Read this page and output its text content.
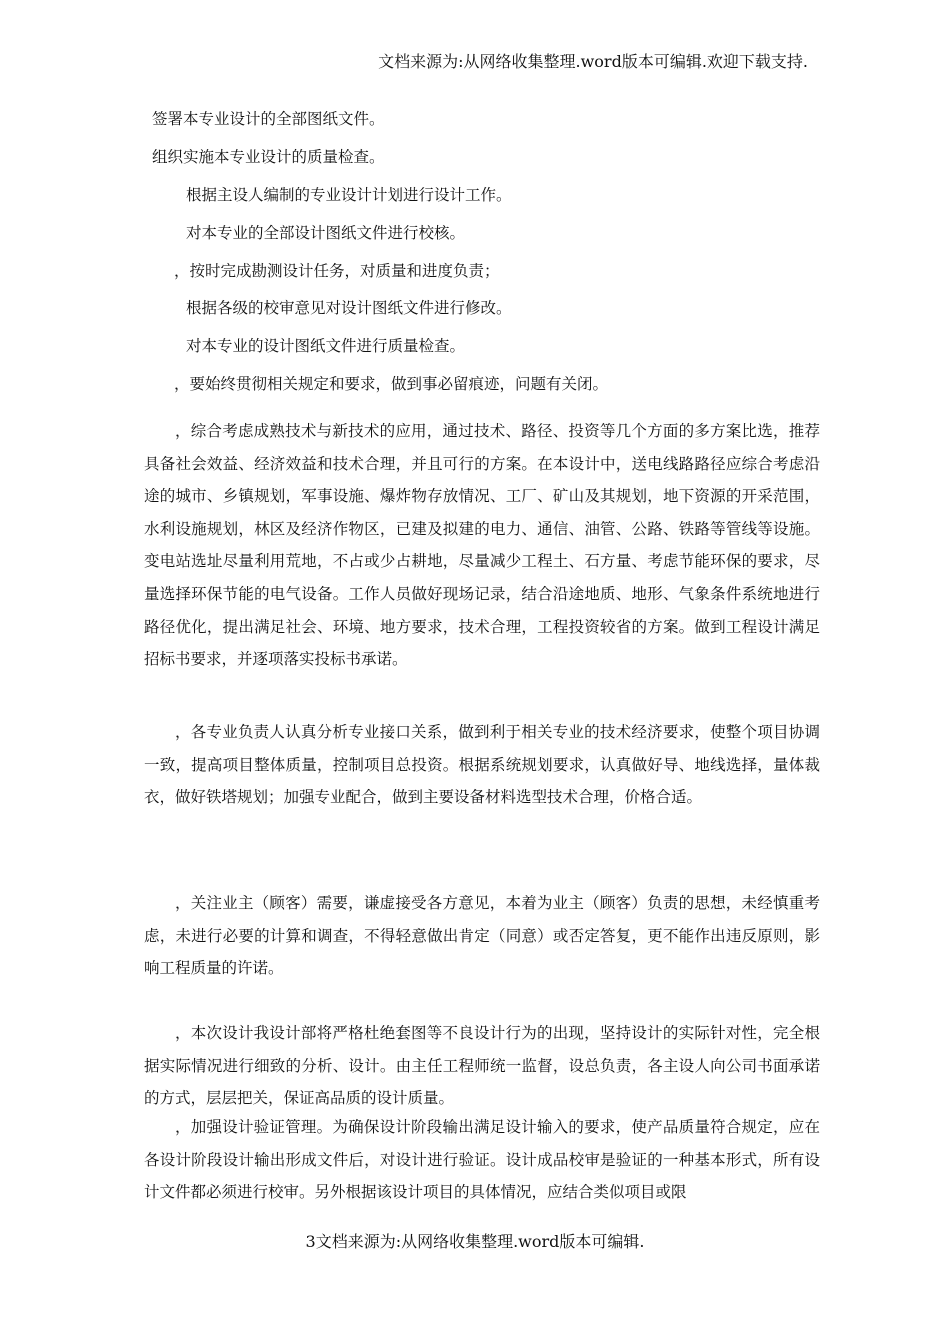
文档来源为:从网络收集整理.word版本可编辑.欢迎下载支持.
签署本专业设计的全部图纸文件。
组织实施本专业设计的质量检查。
根据主设人编制的专业设计计划进行设计工作。
对本专业的全部设计图纸文件进行校核。
，按时完成勘测设计任务，对质量和进度负责；
根据各级的校审意见对设计图纸文件进行修改。
对本专业的设计图纸文件进行质量检查。
，要始终贯彻相关规定和要求，做到事必留痕迹，问题有关闭。

，综合考虑成熟技术与新技术的应用，通过技术、路径、投资等几个方面的多方案比选，推荐具备社会效益、经济效益和技术合理，并且可行的方案。在本设计中，送电线路路径应综合考虑沿途的城市、乡镇规划，军事设施、爆炸物存放情况、工厂、矿山及其规划，地下资源的开采范围，水利设施规划，林区及经济作物区，已建及拟建的电力、通信、油管、公路、铁路等管线等设施。变电站选址尽量利用荒地，不占或少占耕地，尽量减少工程土、石方量、考虑节能环保的要求，尽量选择环保节能的电气设备。工作人员做好现场记录，结合沿途地质、地形、气象条件系统地进行路径优化，提出满足社会、环境、地方要求，技术合理，工程投资较省的方案。做到工程设计满足招标书要求，并逐项落实投标书承诺。

，各专业负责人认真分析专业接口关系，做到利于相关专业的技术经济要求，使整个项目协调一致，提高项目整体质量，控制项目总投资。根据系统规划要求，认真做好导、地线选择，量体裁衣，做好铁塔规划；加强专业配合，做到主要设备材料选型技术合理，价格合适。

，关注业主（顾客）需要，谦虚接受各方意见，本着为业主（顾客）负责的思想，未经慎重考虑，未进行必要的计算和调查，不得轻意做出肯定（同意）或否定答复，更不能作出违反原则，影响工程质量的许诺。

，本次设计我设计部将严格杜绝套图等不良设计行为的出现，坚持设计的实际针对性，完全根据实际情况进行细致的分析、设计。由主任工程师统一监督，设总负责，各主设人向公司书面承诺的方式，层层把关，保证高品质的设计质量。

，加强设计验证管理。为确保设计阶段输出满足设计输入的要求，使产品质量符合规定，应在各设计阶段设计输出形成文件后，对设计进行验证。设计成品校审是验证的一种基本形式，所有设计文件都必须进行校审。另外根据该设计项目的具体情况，应结合类似项目或限

3文档来源为:从网络收集整理.word版本可编辑.
